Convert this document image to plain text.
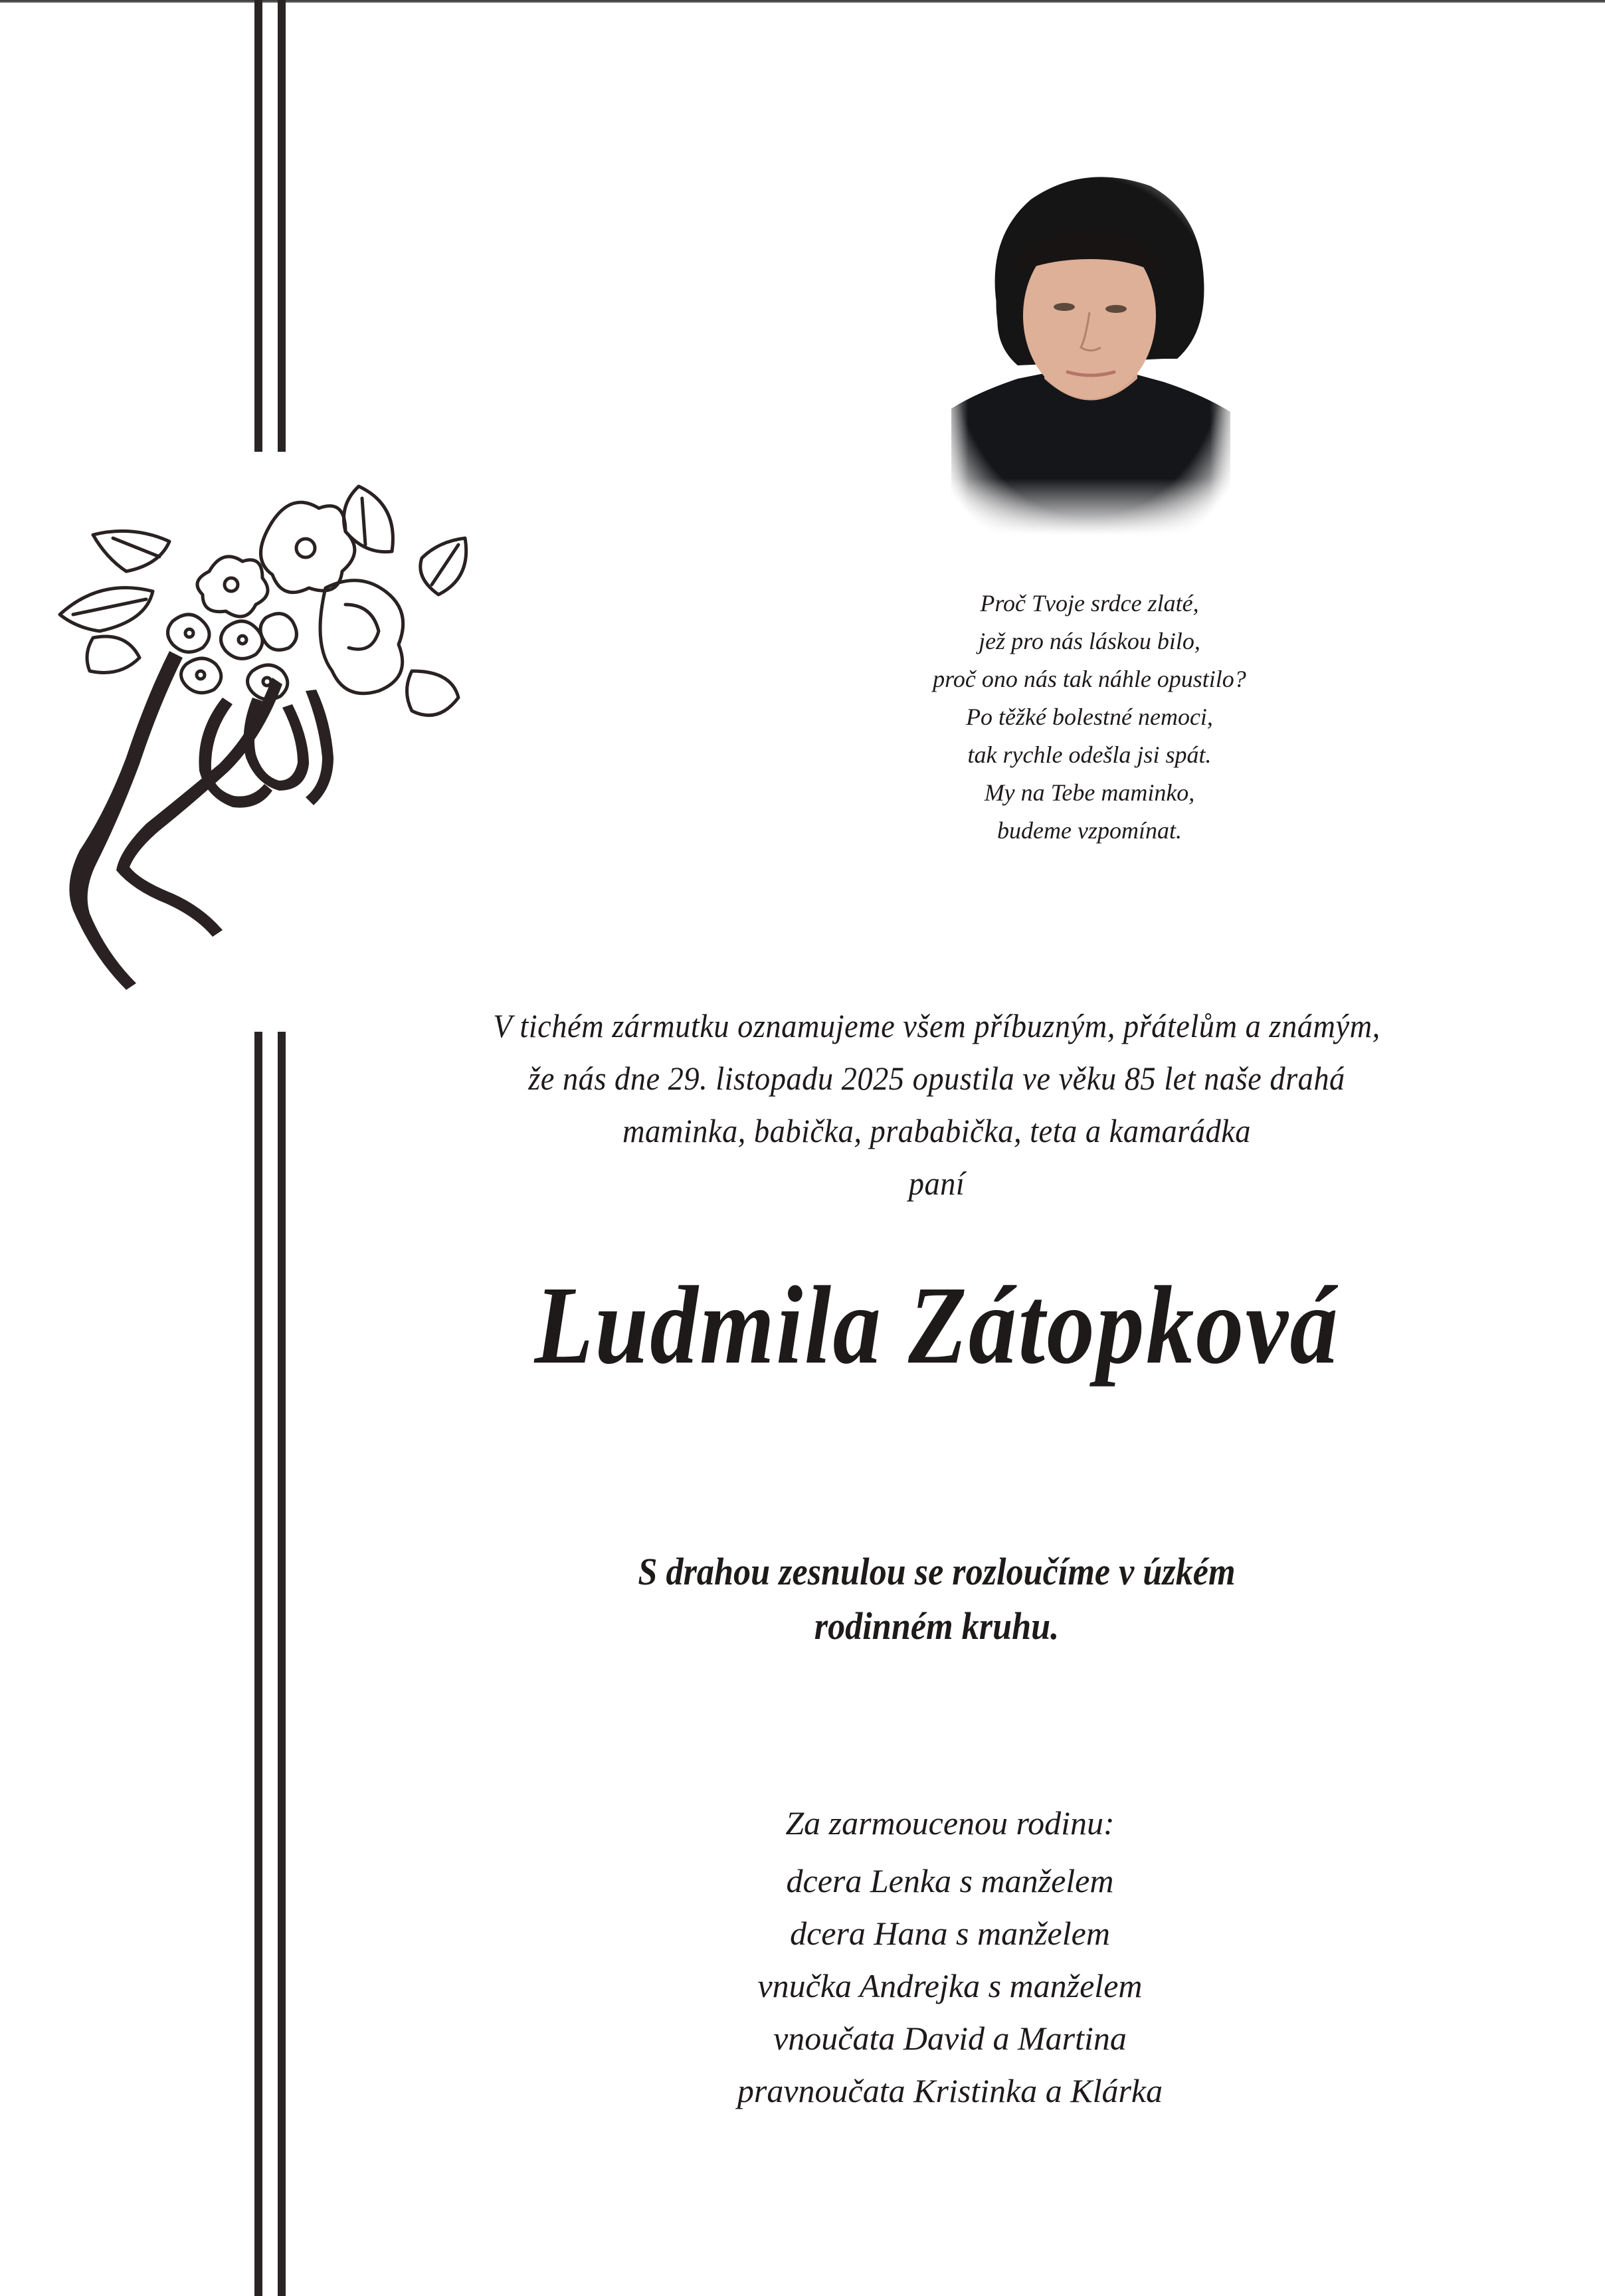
Proč Tvoje srdce zlaté,
jež pro nás láskou bilo,
proč ono nás tak náhle opustilo?
Po těžké bolestné nemoci,
tak rychle odešla jsi spát.
My na Tebe maminko,
budeme vzpomínat.
V tichém zármutku oznamujeme všem příbuzným, přátelům a známým,
že nás dne 29. listopadu 2025 opustila ve věku 85 let naše drahá
maminka, babička, prababička, teta a kamarádka
paní
Ludmila Zátopková
S drahou zesnulou se rozloučíme v úzkém
rodinném kruhu.
Za zarmoucenou rodinu:
dcera Lenka s manželem
dcera Hana s manželem
vnučka Andrejka s manželem
vnoučata David a Martina
pravnoučata Kristinka a Klárka
